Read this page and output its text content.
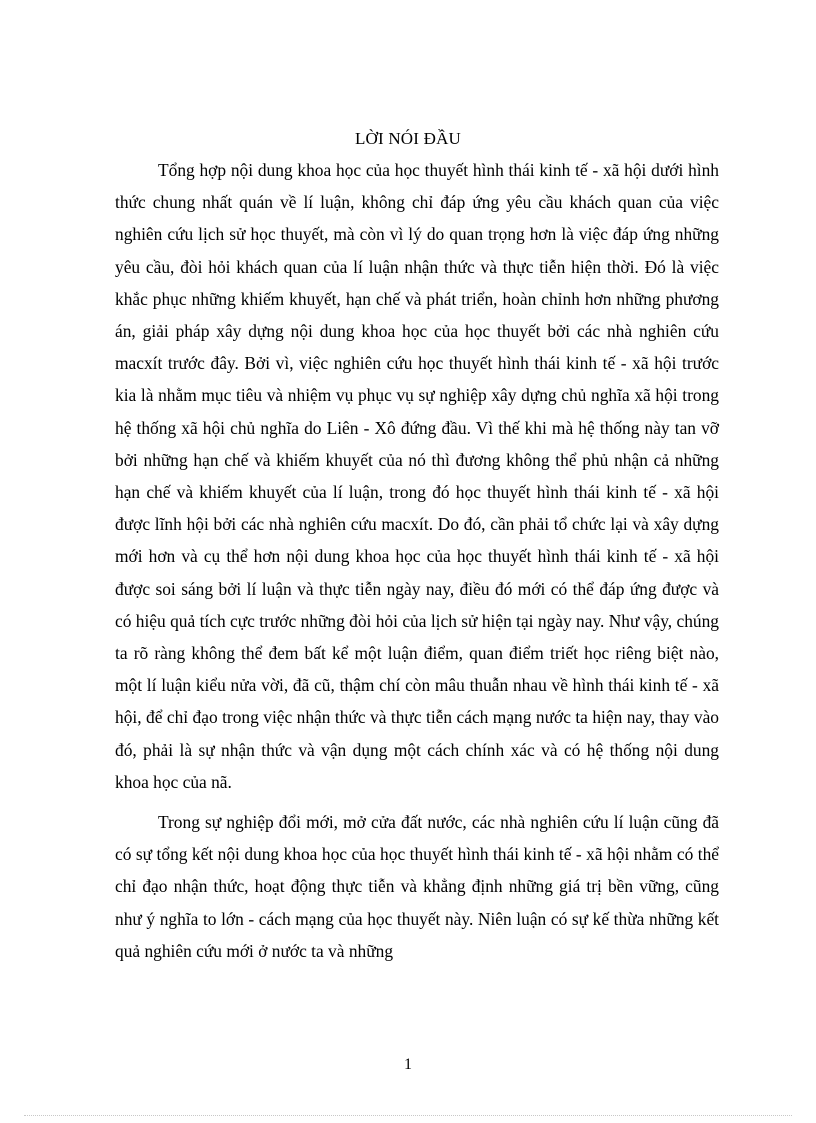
LỜI NÓI ĐẦU

Tổng hợp nội dung khoa học của học thuyết hình thái kinh tế - xã hội dưới hình thức chung nhất quán về lí luận, không chỉ đáp ứng yêu cầu khách quan của việc nghiên cứu lịch sử học thuyết, mà còn vì lý do quan trọng hơn là việc đáp ứng những yêu cầu, đòi hỏi khách quan của lí luận nhận thức và thực tiễn hiện thời. Đó là việc khắc phục những khiếm khuyết, hạn chế và phát triển, hoàn chỉnh hơn những phương án, giải pháp xây dựng nội dung khoa học của học thuyết bởi các nhà nghiên cứu macxít trước đây. Bởi vì, việc nghiên cứu học thuyết hình thái kinh tế - xã hội trước kia là nhằm mục tiêu và nhiệm vụ phục vụ sự nghiệp xây dựng chủ nghĩa xã hội trong hệ thống xã hội chủ nghĩa do Liên - Xô đứng đầu. Vì thế khi mà hệ thống này tan vỡ bởi những hạn chế và khiếm khuyết của nó thì đương không thể phủ nhận cả những hạn chế và khiếm khuyết của lí luận, trong đó học thuyết hình thái kinh tế - xã hội được lĩnh hội bởi các nhà nghiên cứu macxít. Do đó, cần phải tổ chức lại và xây dựng mới hơn và cụ thể hơn nội dung khoa học của học thuyết hình thái kinh tế - xã hội được soi sáng bởi lí luận và thực tiễn ngày nay, điều đó mới có thể đáp ứng được và có hiệu quả tích cực trước những đòi hỏi của lịch sử hiện tại ngày nay. Như vậy, chúng ta rõ ràng không thể đem bất kể một luận điểm, quan điểm triết học riêng biệt nào, một lí luận kiểu nửa vời, đã cũ, thậm chí còn mâu thuẫn nhau về hình thái kinh tế - xã hội, để chỉ đạo trong việc nhận thức và thực tiễn cách mạng nước ta hiện nay, thay vào đó, phải là sự nhận thức và vận dụng một cách chính xác và có hệ thống nội dung khoa học của nã.

Trong sự nghiệp đổi mới, mở cửa đất nước, các nhà nghiên cứu lí luận cũng đã có sự tổng kết nội dung khoa học của học thuyết hình thái kinh tế - xã hội nhằm có thể chỉ đạo nhận thức, hoạt động thực tiễn và khẳng định những giá trị bền vững, cũng như ý nghĩa to lớn - cách mạng của học thuyết này. Niên luận có sự kế thừa những kết quả nghiên cứu mới ở nước ta và những

1
